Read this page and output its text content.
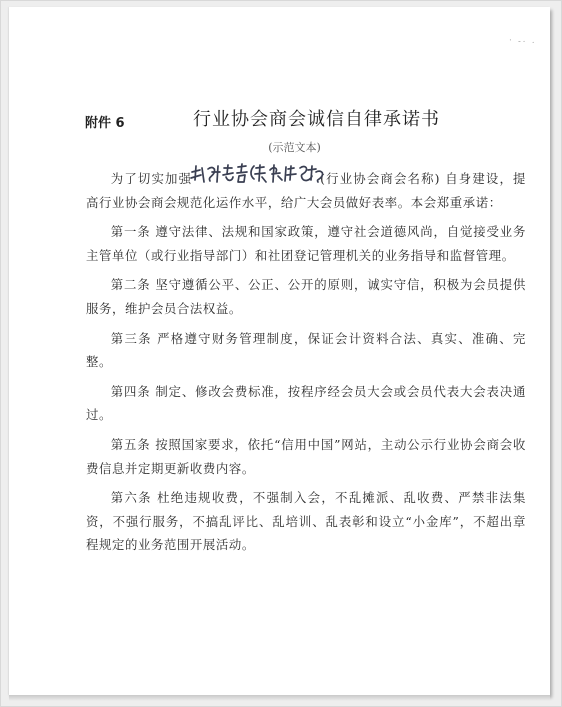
· -· ·
附件 6	行业协会商会诚信自律承诺书
(示范文本)

为了切实加强	(行业协会商会名称) 自身建设，提高行业协会商会规范化运作水平，给广大会员做好表率。本会郑重承诺：

第一条 遵守法律、法规和国家政策，遵守社会道德风尚，自觉接受业务主管单位（或行业指导部门）和社团登记管理机关的业务指导和监督管理。

第二条 坚守遵循公平、公正、公开的原则，诚实守信，积极为会员提供服务，维护会员合法权益。

第三条 严格遵守财务管理制度，保证会计资料合法、真实、准确、完整。

第四条 制定、修改会费标准，按程序经会员大会或会员代表大会表决通过。

第五条 按照国家要求，依托“信用中国”网站，主动公示行业协会商会收费信息并定期更新收费内容。

第六条 杜绝违规收费，不强制入会，不乱摊派、乱收费、严禁非法集资，不强行服务，不搞乱评比、乱培训、乱表彰和设立“小金库”，不超出章程规定的业务范围开展活动。
